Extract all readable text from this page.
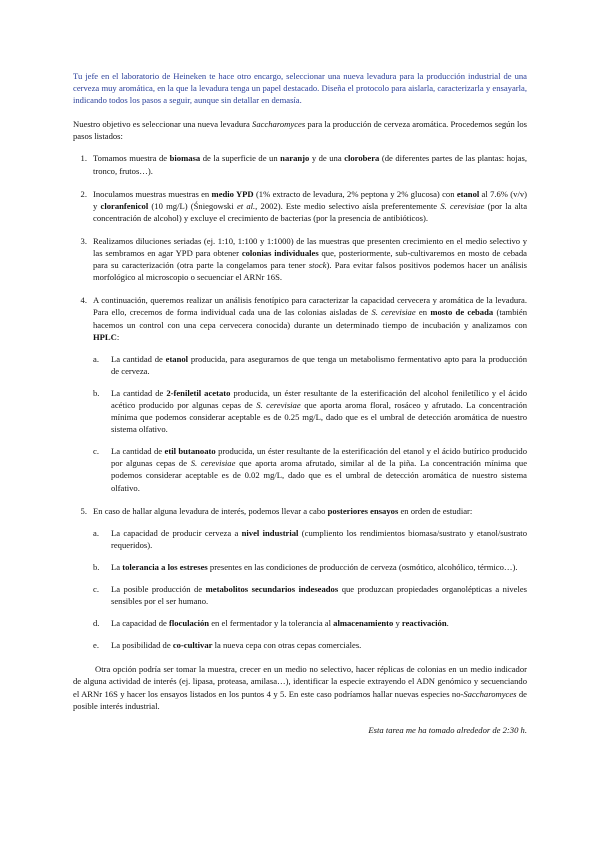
Tu jefe en el laboratorio de Heineken te hace otro encargo, seleccionar una nueva levadura para la producción industrial de una cerveza muy aromática, en la que la levadura tenga un papel destacado. Diseña el protocolo para aislarla, caracterizarla y ensayarla, indicando todos los pasos a seguir, aunque sin detallar en demasía.

Nuestro objetivo es seleccionar una nueva levadura Saccharomyces para la producción de cerveza aromática. Procedemos según los pasos listados:

1. Tomamos muestra de biomasa de la superficie de un naranjo y de una clorobera (de diferentes partes de las plantas: hojas, tronco, frutos…).
2. Inoculamos muestras muestras en medio YPD (1% extracto de levadura, 2% peptona y 2% glucosa) con etanol al 7.6% (v/v) y cloranfenicol (10 mg/L) (Śniegowski et al., 2002). Este medio selectivo aísla preferentemente S. cerevisiae (por la alta concentración de alcohol) y excluye el crecimiento de bacterias (por la presencia de antibióticos).
3. Realizamos diluciones seriadas (ej. 1:10, 1:100 y 1:1000) de las muestras que presenten crecimiento en el medio selectivo y las sembramos en agar YPD para obtener colonias individuales que, posteriormente, sub-cultivaremos en mosto de cebada para su caracterización (otra parte la congelamos para tener stock). Para evitar falsos positivos podemos hacer un análisis morfológico al microscopio o secuenciar el ARNr 16S.
4. A continuación, queremos realizar un análisis fenotípico para caracterizar la capacidad cervecera y aromática de la levadura. Para ello, crecemos de forma individual cada una de las colonias aisladas de S. cerevisiae en mosto de cebada (también hacemos un control con una cepa cervecera conocida) durante un determinado tiempo de incubación y analizamos con HPLC:
a.	La cantidad de etanol producida, para asegurarnos de que tenga un metabolismo fermentativo apto para la producción de cerveza.
b.	La cantidad de 2-feniletil acetato producida, un éster resultante de la esterificación del alcohol feniletílico y el ácido acético producido por algunas cepas de S. cerevisiae que aporta aroma floral, rosáceo y afrutado. La concentración mínima que podemos considerar aceptable es de 0.25 mg/L, dado que es el umbral de detección aromática de nuestro sistema olfativo.
c.	La cantidad de etil butanoato producida, un éster resultante de la esterificación del etanol y el ácido butírico producido por algunas cepas de S. cerevisiae que aporta aroma afrutado, similar al de la piña. La concentración mínima que podemos considerar aceptable es de 0.02 mg/L, dado que es el umbral de detección aromática de nuestro sistema olfativo.
5. En caso de hallar alguna levadura de interés, podemos llevar a cabo posteriores ensayos en orden de estudiar:
a.	La capacidad de producir cerveza a nivel industrial (cumpliento los rendimientos biomasa/sustrato y etanol/sustrato requeridos).
b.	La tolerancia a los estreses presentes en las condiciones de producción de cerveza (osmótico, alcohólico, térmico…).
c.	La posible producción de metabolitos secundarios indeseados que produzcan propiedades organolépticas a niveles sensibles por el ser humano.
d.	La capacidad de floculación en el fermentador y la tolerancia al almacenamiento y reactivación.
e.	La posibilidad de co-cultivar la nueva cepa con otras cepas comerciales.

Otra opción podría ser tomar la muestra, crecer en un medio no selectivo, hacer réplicas de colonias en un medio indicador de alguna actividad de interés (ej. lipasa, proteasa, amilasa…), identificar la especie extrayendo el ADN genómico y secuenciando el ARNr 16S y hacer los ensayos listados en los puntos 4 y 5. En este caso podríamos hallar nuevas especies no-Saccharomyces de posible interés industrial.

Esta tarea me ha tomado alrededor de 2:30 h.
